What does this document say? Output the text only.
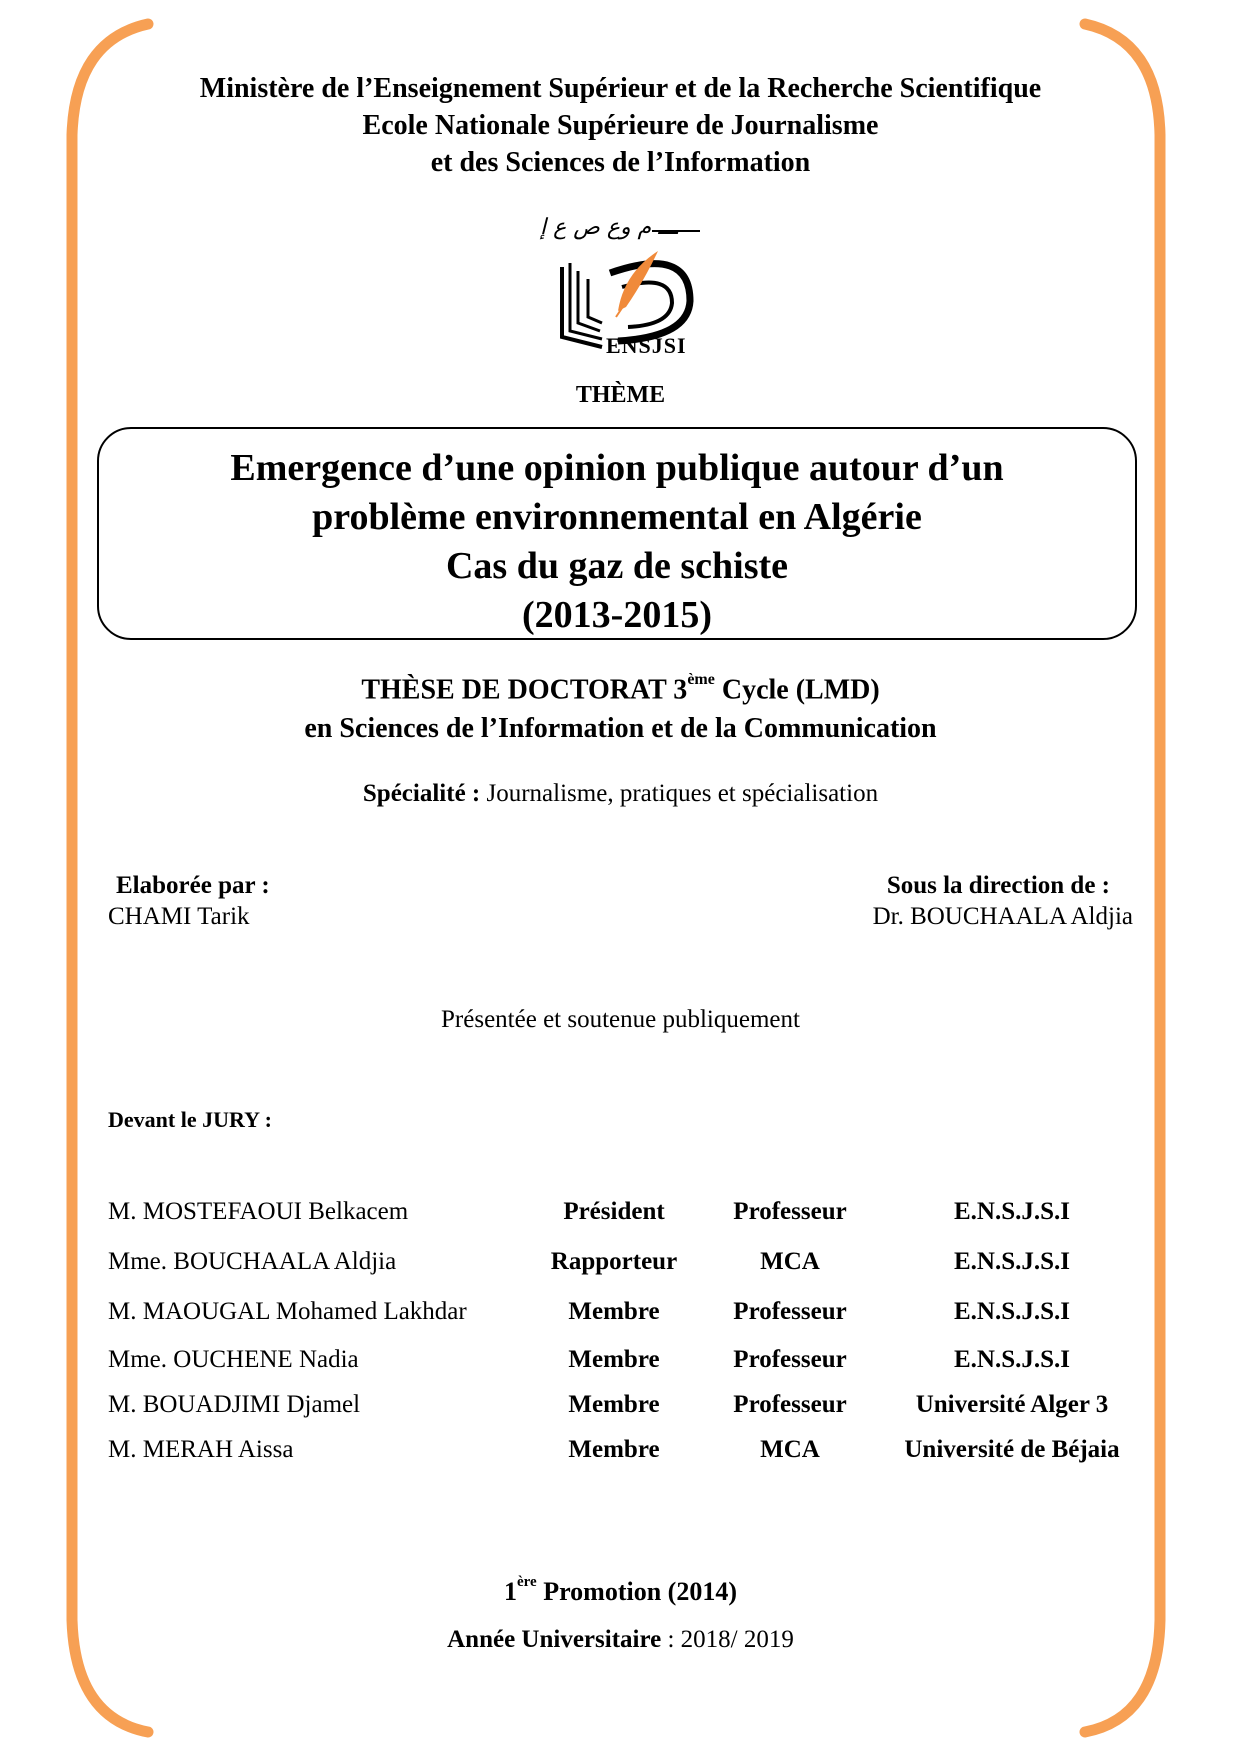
Ministère de l’Enseignement Supérieur et de la Recherche Scientifique
Ecole Nationale Supérieure de Journalisme
et des Sciences de l’Information
ـــ م وع ص ع إ
ENSJSI
THÈME
Emergence d’une opinion publique autour d’un
problème environnemental en Algérie
Cas du gaz de schiste
(2013-2015)
THÈSE DE DOCTORAT 3ème Cycle (LMD)
en Sciences de l’Information et de la Communication
Spécialité : Journalisme, pratiques et spécialisation
Elaborée par :
CHAMI Tarik
Sous la direction de :
Dr. BOUCHAALA Aldjia
Présentée et soutenue publiquement
Devant le JURY :
M. MOSTEFAOUI Belkacem	Président	Professeur	E.N.S.J.S.I
Mme. BOUCHAALA Aldjia	Rapporteur	MCA	E.N.S.J.S.I
M. MAOUGAL Mohamed Lakhdar	Membre	Professeur	E.N.S.J.S.I
Mme. OUCHENE Nadia	Membre	Professeur	E.N.S.J.S.I
M. BOUADJIMI Djamel	Membre	Professeur	Université Alger 3
M. MERAH Aissa	Membre	MCA	Université de Béjaia
1ère Promotion (2014)
Année Universitaire : 2018/ 2019
